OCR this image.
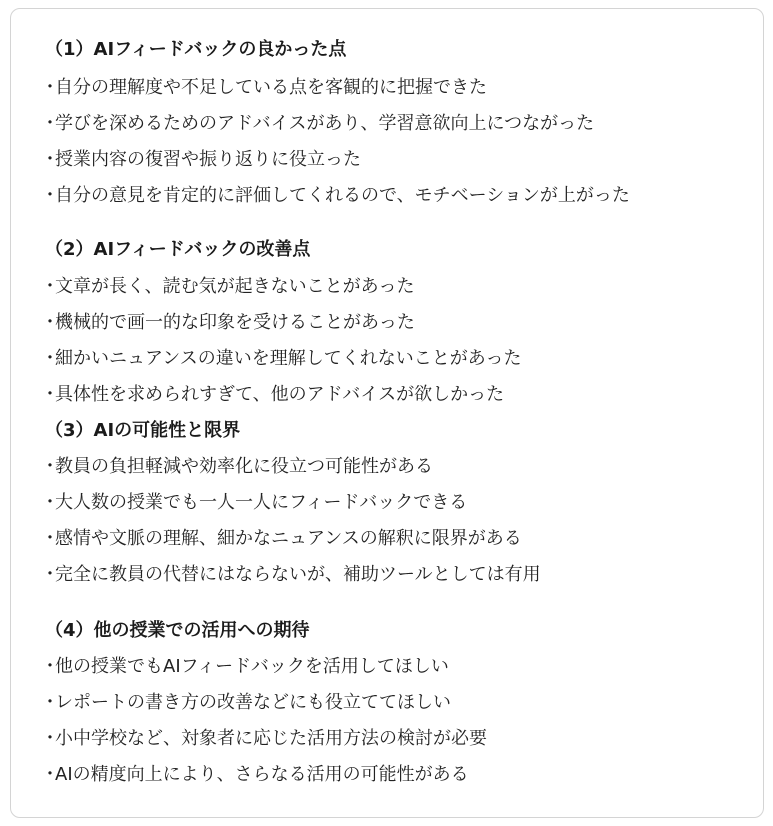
（1）AIフィードバックの良かった点
・自分の理解度や不足している点を客観的に把握できた
・学びを深めるためのアドバイスがあり、学習意欲向上につながった
・授業内容の復習や振り返りに役立った
・自分の意見を肯定的に評価してくれるので、モチベーションが上がった
（2）AIフィードバックの改善点
・文章が長く、読む気が起きないことがあった
・機械的で画一的な印象を受けることがあった
・細かいニュアンスの違いを理解してくれないことがあった
・具体性を求められすぎて、他のアドバイスが欲しかった
（3）AIの可能性と限界
・教員の負担軽減や効率化に役立つ可能性がある
・大人数の授業でも一人一人にフィードバックできる
・感情や文脈の理解、細かなニュアンスの解釈に限界がある
・完全に教員の代替にはならないが、補助ツールとしては有用
（4）他の授業での活用への期待
・他の授業でもAIフィードバックを活用してほしい
・レポートの書き方の改善などにも役立ててほしい
・小中学校など、対象者に応じた活用方法の検討が必要
・AIの精度向上により、さらなる活用の可能性がある
